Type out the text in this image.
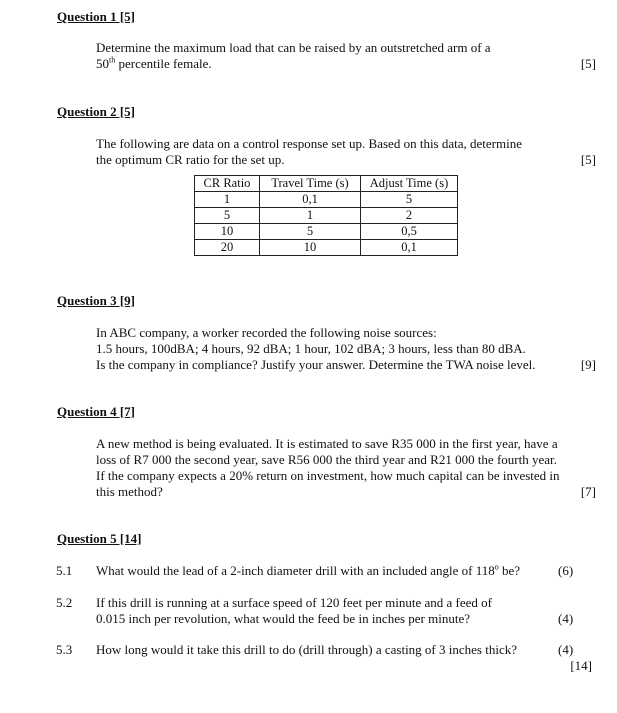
Question 1 [5]
Determine the maximum load that can be raised by an outstretched arm of a
50th percentile female.	[5]
Question 2 [5]
The following are data on a control response set up. Based on this data, determine
the optimum CR ratio for the set up.	[5]
CR Ratio	Travel Time (s)	Adjust Time (s)
1	0,1	5
5	1	2
10	5	0,5
20	10	0,1
Question 3 [9]
In ABC company, a worker recorded the following noise sources:
1.5 hours, 100dBA; 4 hours, 92 dBA; 1 hour, 102 dBA; 3 hours, less than 80 dBA.
Is the company in compliance? Justify your answer. Determine the TWA noise level.	[9]
Question 4 [7]
A new method is being evaluated. It is estimated to save R35 000 in the first year, have a
loss of R7 000 the second year, save R56 000 the third year and R21 000 the fourth year.
If the company expects a 20% return on investment, how much capital can be invested in
this method?	[7]
Question 5 [14]
5.1 What would the lead of a 2-inch diameter drill with an included angle of 118$^o$ be?	(6)
5.2 If this drill is running at a surface speed of 120 feet per minute and a feed of
0.015 inch per revolution, what would the feed be in inches per minute?	(4)
5.3 How long would it take this drill to do (drill through) a casting of 3 inches thick?	(4)
[14]
